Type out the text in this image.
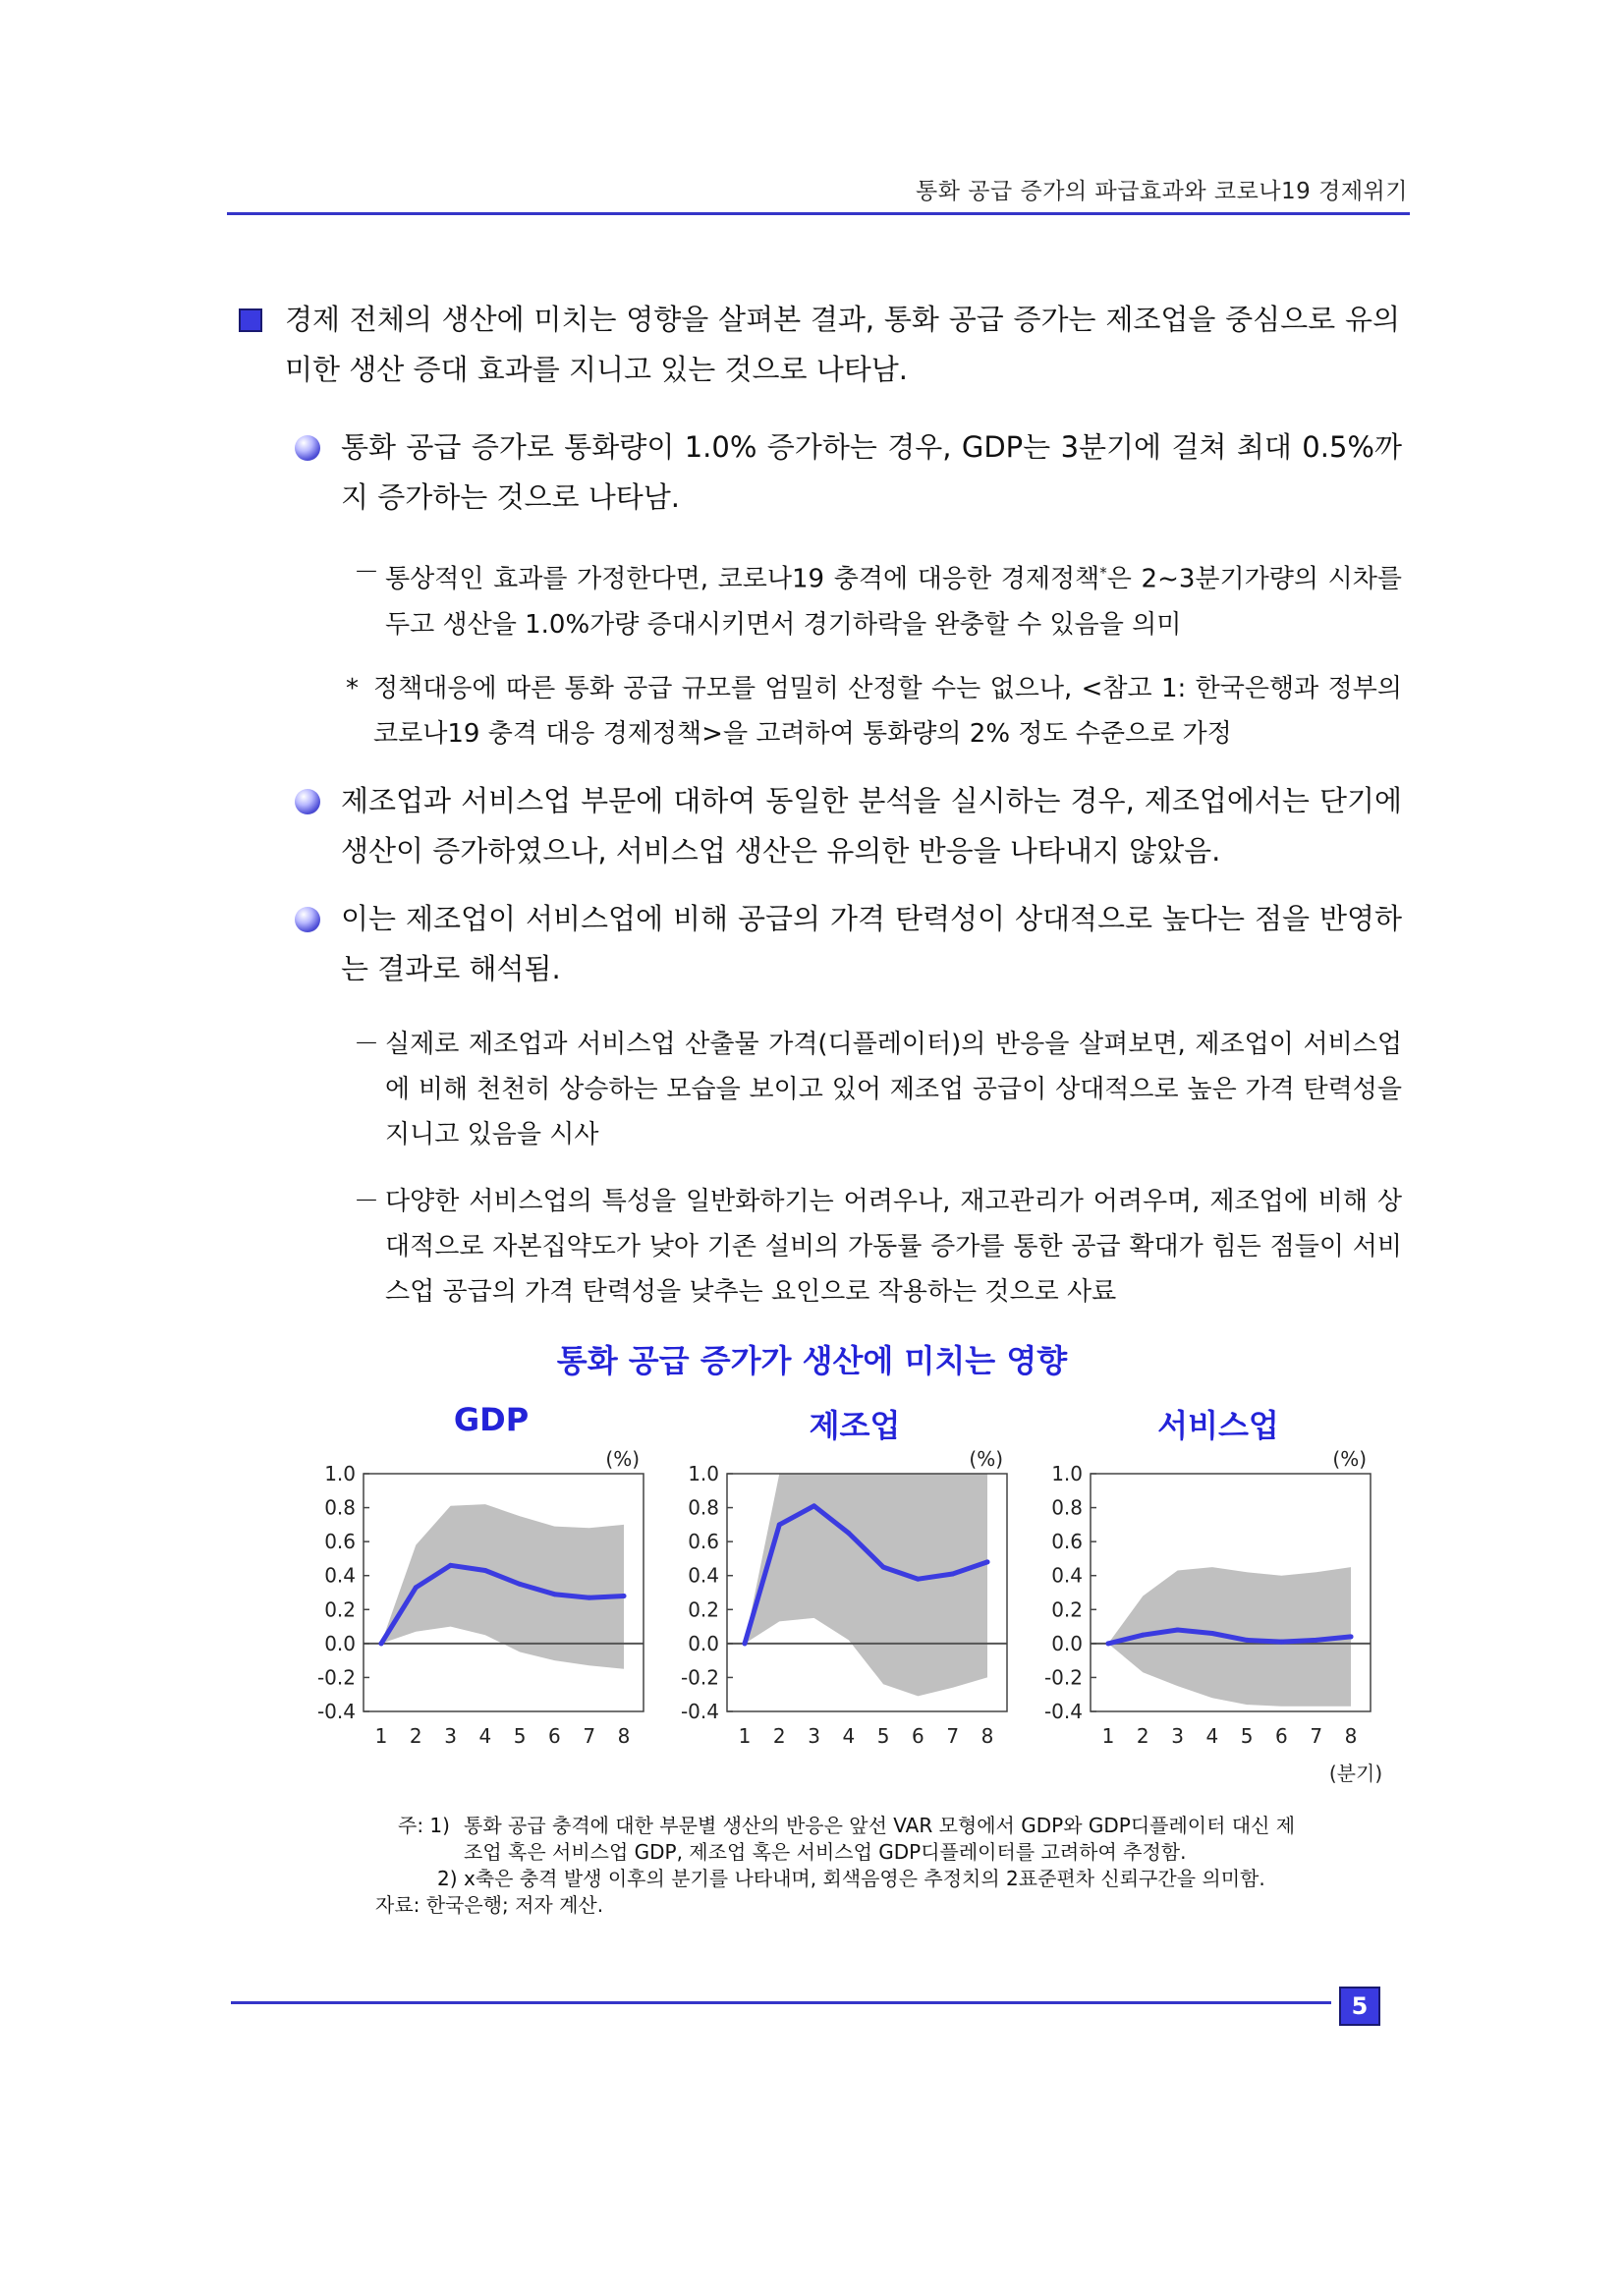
통화 공급 증가의 파급효과와 코로나19 경제위기
경제 전체의 생산에 미치는 영향을 살펴본 결과, 통화 공급 증가는 제조업을 중심으로 유의미한 생산 증대 효과를 지니고 있는 것으로 나타남.
통화 공급 증가로 통화량이 1.0% 증가하는 경우, GDP는 3분기에 걸쳐 최대 0.5%까지 증가하는 것으로 나타남.
－ 통상적인 효과를 가정한다면, 코로나19 충격에 대응한 경제정책*은 2~3분기가량의 시차를 두고 생산을 1.0%가량 증대시키면서 경기하락을 완충할 수 있음을 의미
* 정책대응에 따른 통화 공급 규모를 엄밀히 산정할 수는 없으나, <참고 1: 한국은행과 정부의 코로나19 충격 대응 경제정책>을 고려하여 통화량의 2% 정도 수준으로 가정
제조업과 서비스업 부문에 대하여 동일한 분석을 실시하는 경우, 제조업에서는 단기에 생산이 증가하였으나, 서비스업 생산은 유의한 반응을 나타내지 않았음.
이는 제조업이 서비스업에 비해 공급의 가격 탄력성이 상대적으로 높다는 점을 반영하는 결과로 해석됨.
－ 실제로 제조업과 서비스업 산출물 가격(디플레이터)의 반응을 살펴보면, 제조업이 서비스업에 비해 천천히 상승하는 모습을 보이고 있어 제조업 공급이 상대적으로 높은 가격 탄력성을 지니고 있음을 시사
－ 다양한 서비스업의 특성을 일반화하기는 어려우나, 재고관리가 어려우며, 제조업에 비해 상대적으로 자본집약도가 낮아 기존 설비의 가동률 증가를 통한 공급 확대가 힘든 점들이 서비스업 공급의 가격 탄력성을 낮추는 요인으로 작용하는 것으로 사료
통화 공급 증가가 생산에 미치는 영향
GDP
(%)
1.0
0.8
0.6
0.4
0.2
0.0
-0.2
-0.4
1 2 3 4 5 6 7 8
제조업
(%)
1.0
0.8
0.6
0.4
0.2
0.0
-0.2
-0.4
1 2 3 4 5 6 7 8
서비스업
(%)
1.0
0.8
0.6
0.4
0.2
0.0
-0.2
-0.4
1 2 3 4 5 6 7 8
(분기)
주: 1) 통화 공급 충격에 대한 부문별 생산의 반응은 앞선 VAR 모형에서 GDP와 GDP디플레이터 대신 제
조업 혹은 서비스업 GDP, 제조업 혹은 서비스업 GDP디플레이터를 고려하여 추정함.
2) x축은 충격 발생 이후의 분기를 나타내며, 회색음영은 추정치의 2표준편차 신뢰구간을 의미함.
자료: 한국은행; 저자 계산.
5
